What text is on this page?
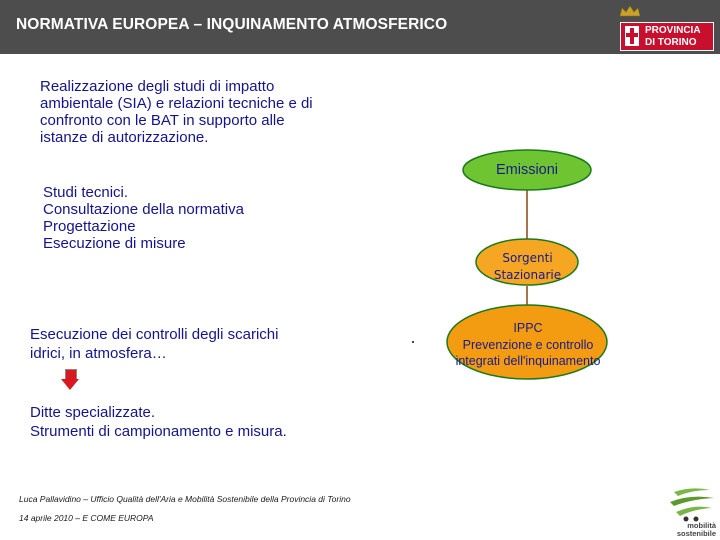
NORMATIVA EUROPEA – INQUINAMENTO ATMOSFERICO	PROVINCIA
DI TORINO
Realizzazione degli studi di impatto
ambientale (SIA) e relazioni tecniche e di
confronto con le BAT in supporto alle
istanze di autorizzazione.
Studi tecnici.
Consultazione della normativa
Progettazione
Esecuzione di misure
Esecuzione dei controlli degli scarichi
idrici, in atmosfera…
Ditte specializzate.
Strumenti di campionamento e misura.
Emissioni
Sorgenti
Stazionarie
IPPC
Prevenzione e controllo
integrati dell'inquinamento
Luca Pallavidino – Ufficio Qualità dell'Aria e Mobilità Sostenibile della Provincia di Torino
14 aprile 2010 – E COME EUROPA
mobilità
sostenibile
